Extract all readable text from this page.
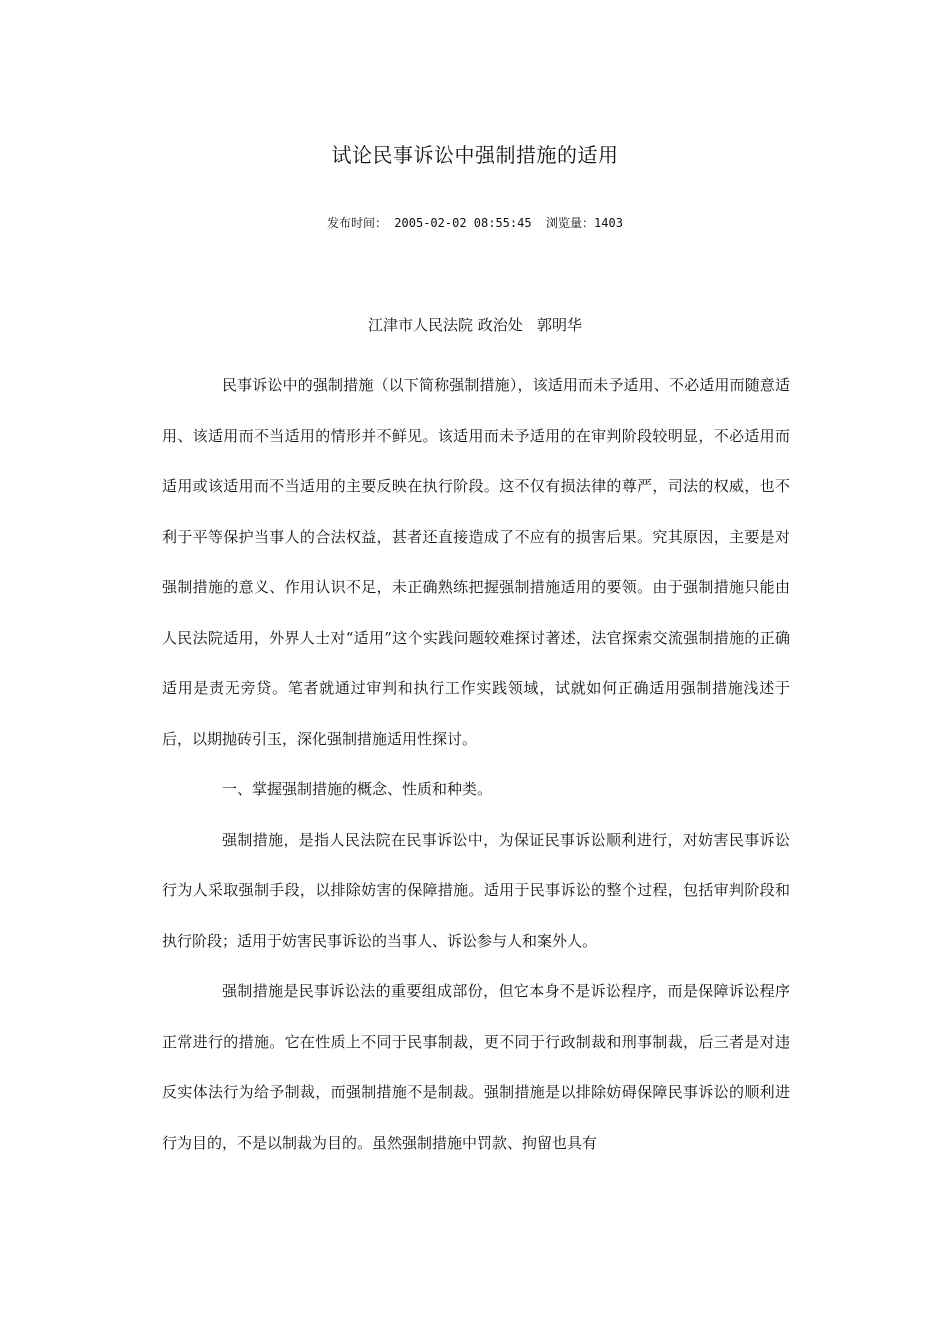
试论民事诉讼中强制措施的适用
发布时间： 2005-02-02 08:55:45 浏览量：1403
江津市人民法院 政治处 郭明华

民事诉讼中的强制措施（以下简称强制措施），该适用而未予适用、不必适用而随意适用、该适用而不当适用的情形并不鲜见。该适用而未予适用的在审判阶段较明显，不必适用而适用或该适用而不当适用的主要反映在执行阶段。这不仅有损法律的尊严，司法的权威，也不利于平等保护当事人的合法权益，甚者还直接造成了不应有的损害后果。究其原因，主要是对强制措施的意义、作用认识不足，未正确熟练把握强制措施适用的要领。由于强制措施只能由人民法院适用，外界人士对“适用”这个实践问题较难探讨著述，法官探索交流强制措施的正确适用是责无旁贷。笔者就通过审判和执行工作实践领域，试就如何正确适用强制措施浅述于后，以期抛砖引玉，深化强制措施适用性探讨。

一、掌握强制措施的概念、性质和种类。

强制措施，是指人民法院在民事诉讼中，为保证民事诉讼顺利进行，对妨害民事诉讼行为人采取强制手段，以排除妨害的保障措施。适用于民事诉讼的整个过程，包括审判阶段和执行阶段；适用于妨害民事诉讼的当事人、诉讼参与人和案外人。

强制措施是民事诉讼法的重要组成部份，但它本身不是诉讼程序，而是保障诉讼程序正常进行的措施。它在性质上不同于民事制裁，更不同于行政制裁和刑事制裁，后三者是对违反实体法行为给予制裁，而强制措施不是制裁。强制措施是以排除妨碍保障民事诉讼的顺利进行为目的，不是以制裁为目的。虽然强制措施中罚款、拘留也具有
